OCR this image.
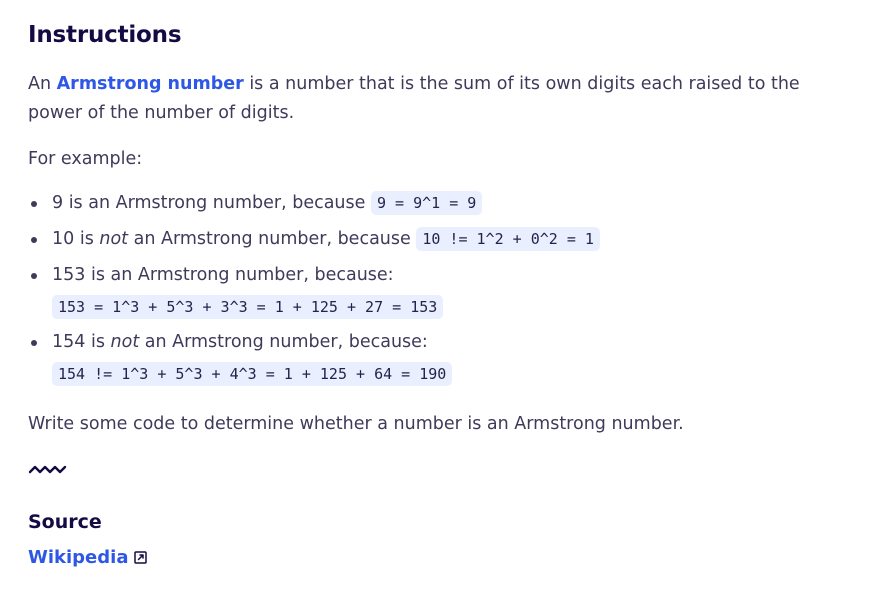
Instructions
An Armstrong number is a number that is the sum of its own digits each raised to the power of the number of digits.
For example:
9 is an Armstrong number, because 9 = 9^1 = 9
10 is not an Armstrong number, because 10 != 1^2 + 0^2 = 1
153 is an Armstrong number, because:
153 = 1^3 + 5^3 + 3^3 = 1 + 125 + 27 = 153
154 is not an Armstrong number, because:
154 != 1^3 + 5^3 + 4^3 = 1 + 125 + 64 = 190
Write some code to determine whether a number is an Armstrong number.
Source
Wikipedia
